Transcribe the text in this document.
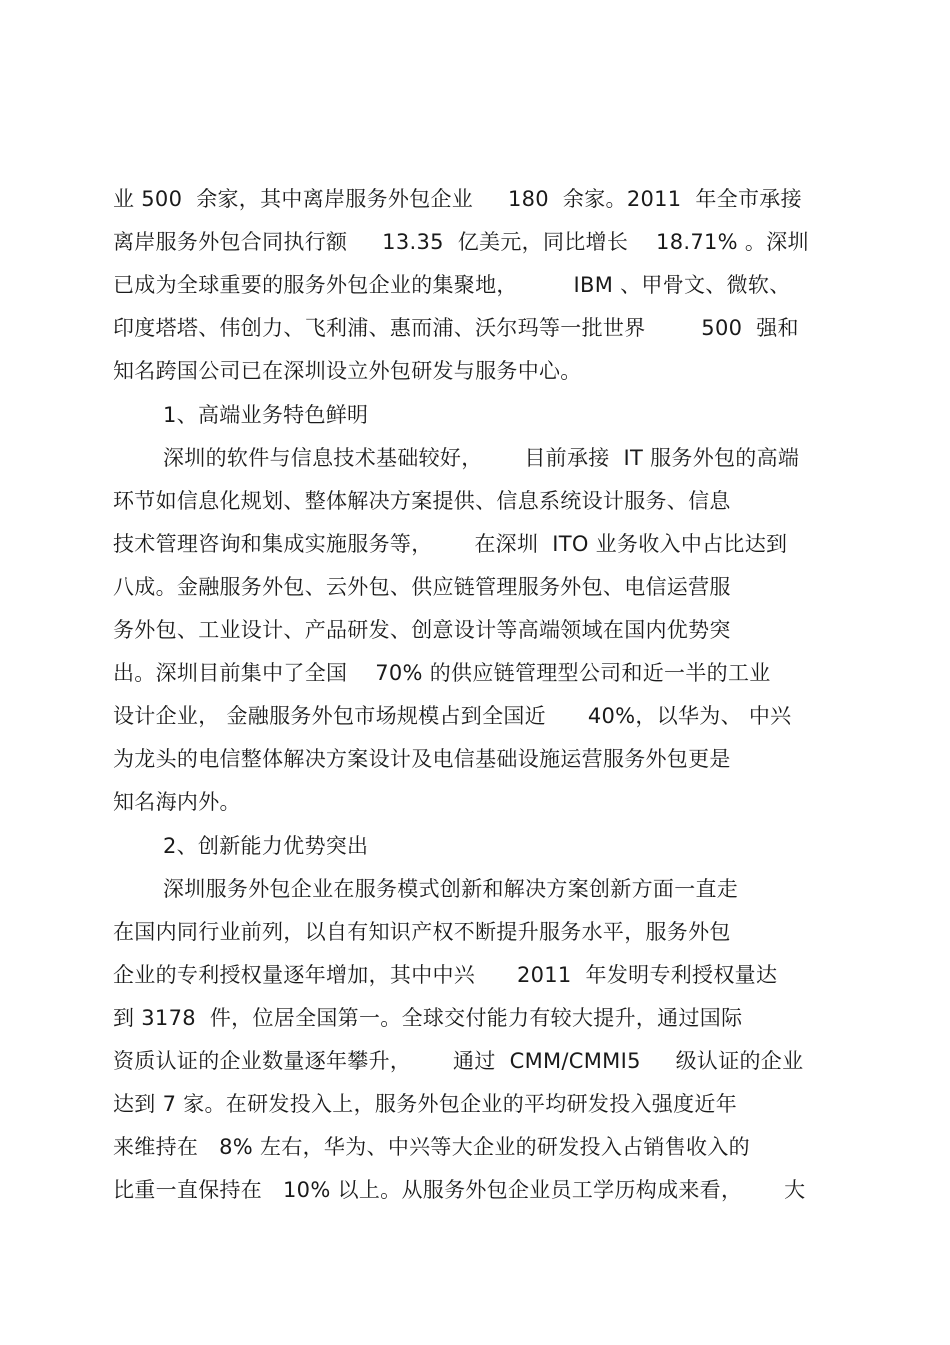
业 500  余家，其中离岸服务外包企业     180  余家。2011  年全市承接
离岸服务外包合同执行额     13.35  亿美元，同比增长    18.71% 。深圳
已成为全球重要的服务外包企业的集聚地，        IBM 、甲骨文、微软、
印度塔塔、伟创力、飞利浦、惠而浦、沃尔玛等一批世界        500  强和
知名跨国公司已在深圳设立外包研发与服务中心。
1、高端业务特色鲜明
深圳的软件与信息技术基础较好，      目前承接  IT 服务外包的高端
环节如信息化规划、整体解决方案提供、信息系统设计服务、信息
技术管理咨询和集成实施服务等，      在深圳  ITO 业务收入中占比达到
八成。金融服务外包、云外包、供应链管理服务外包、电信运营服
务外包、工业设计、产品研发、创意设计等高端领域在国内优势突
出。深圳目前集中了全国    70% 的供应链管理型公司和近一半的工业
设计企业， 金融服务外包市场规模占到全国近      40%，以华为、 中兴
为龙头的电信整体解决方案设计及电信基础设施运营服务外包更是
知名海内外。
2、创新能力优势突出
深圳服务外包企业在服务模式创新和解决方案创新方面一直走
在国内同行业前列，以自有知识产权不断提升服务水平，服务外包
企业的专利授权量逐年增加，其中中兴      2011  年发明专利授权量达
到 3178  件，位居全国第一。全球交付能力有较大提升，通过国际
资质认证的企业数量逐年攀升，      通过  CMM/CMMI5     级认证的企业
达到 7 家。在研发投入上，服务外包企业的平均研发投入强度近年
来维持在   8% 左右，华为、中兴等大企业的研发投入占销售收入的
比重一直保持在   10% 以上。从服务外包企业员工学历构成来看，      大
